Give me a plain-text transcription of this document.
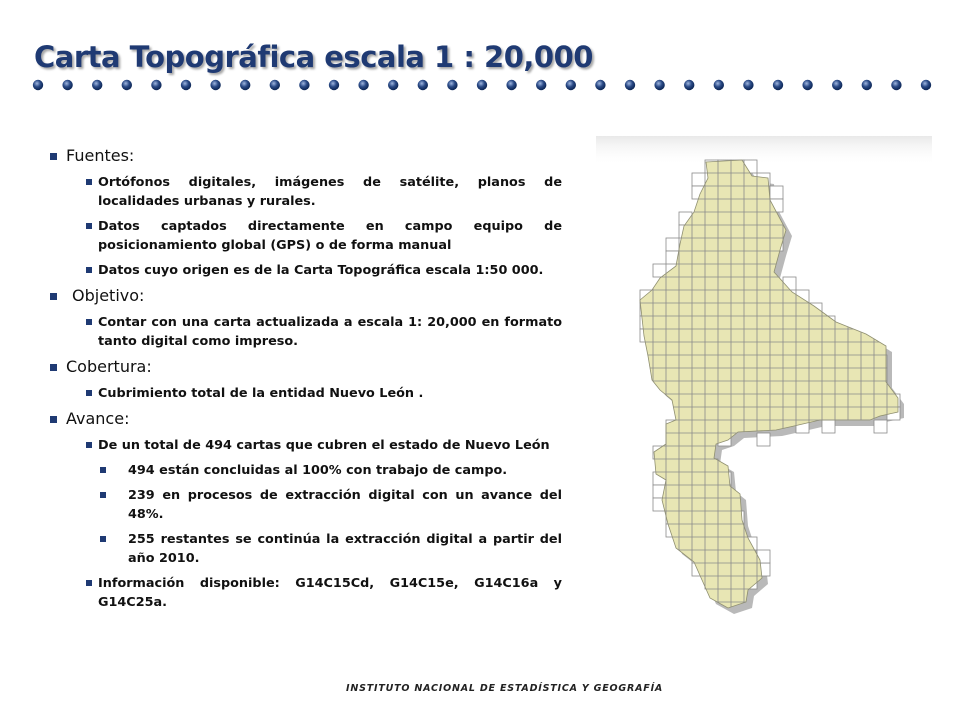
Carta Topográfica escala 1 : 20,000
Fuentes:
Ortófonos digitales, imágenes de satélite, planos de localidades urbanas y rurales.
Datos captados directamente en campo equipo de posicionamiento global (GPS) o de forma manual
Datos cuyo origen es de la Carta Topográfica escala 1:50 000.
Objetivo:
Contar con una carta actualizada a escala 1: 20,000 en formato tanto digital como impreso.
Cobertura:
Cubrimiento total de la entidad Nuevo León .
Avance:
De un total de 494 cartas que cubren el estado de Nuevo León
494 están concluidas al 100% con trabajo de campo.
239 en procesos de extracción digital con un avance del 48%.
255 restantes se continúa la extracción digital a partir del año 2010.
Información disponible: G14C15Cd, G14C15e, G14C16a y G14C25a.
INSTITUTO NACIONAL DE ESTADÍSTICA Y GEOGRAFÍA
